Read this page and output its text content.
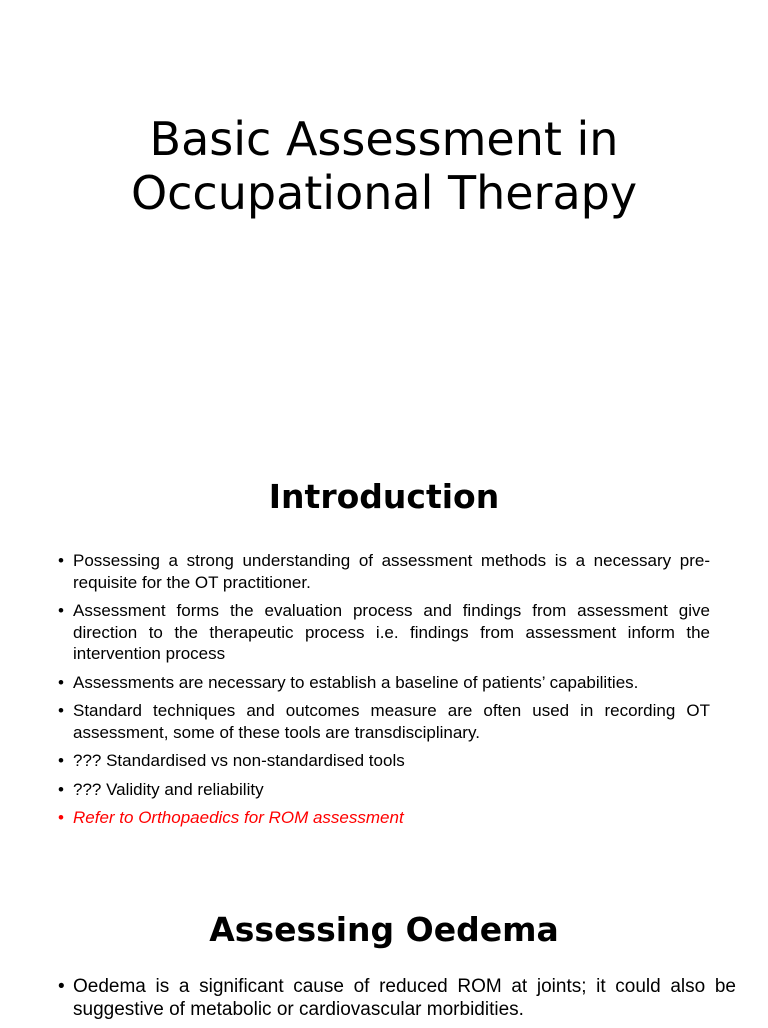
Basic Assessment in
Occupational Therapy
Introduction
• Possessing a strong understanding of assessment methods is a necessary pre-requisite for the OT practitioner.
• Assessment forms the evaluation process and findings from assessment give direction to the therapeutic process i.e. findings from assessment inform the intervention process
• Assessments are necessary to establish a baseline of patients’ capabilities.
• Standard techniques and outcomes measure are often used in recording OT assessment, some of these tools are transdisciplinary.
• ??? Standardised vs non-standardised tools
• ??? Validity and reliability
• Refer to Orthopaedics for ROM assessment
Assessing Oedema
• Oedema is a significant cause of reduced ROM at joints; it could also be suggestive of metabolic or cardiovascular morbidities.
